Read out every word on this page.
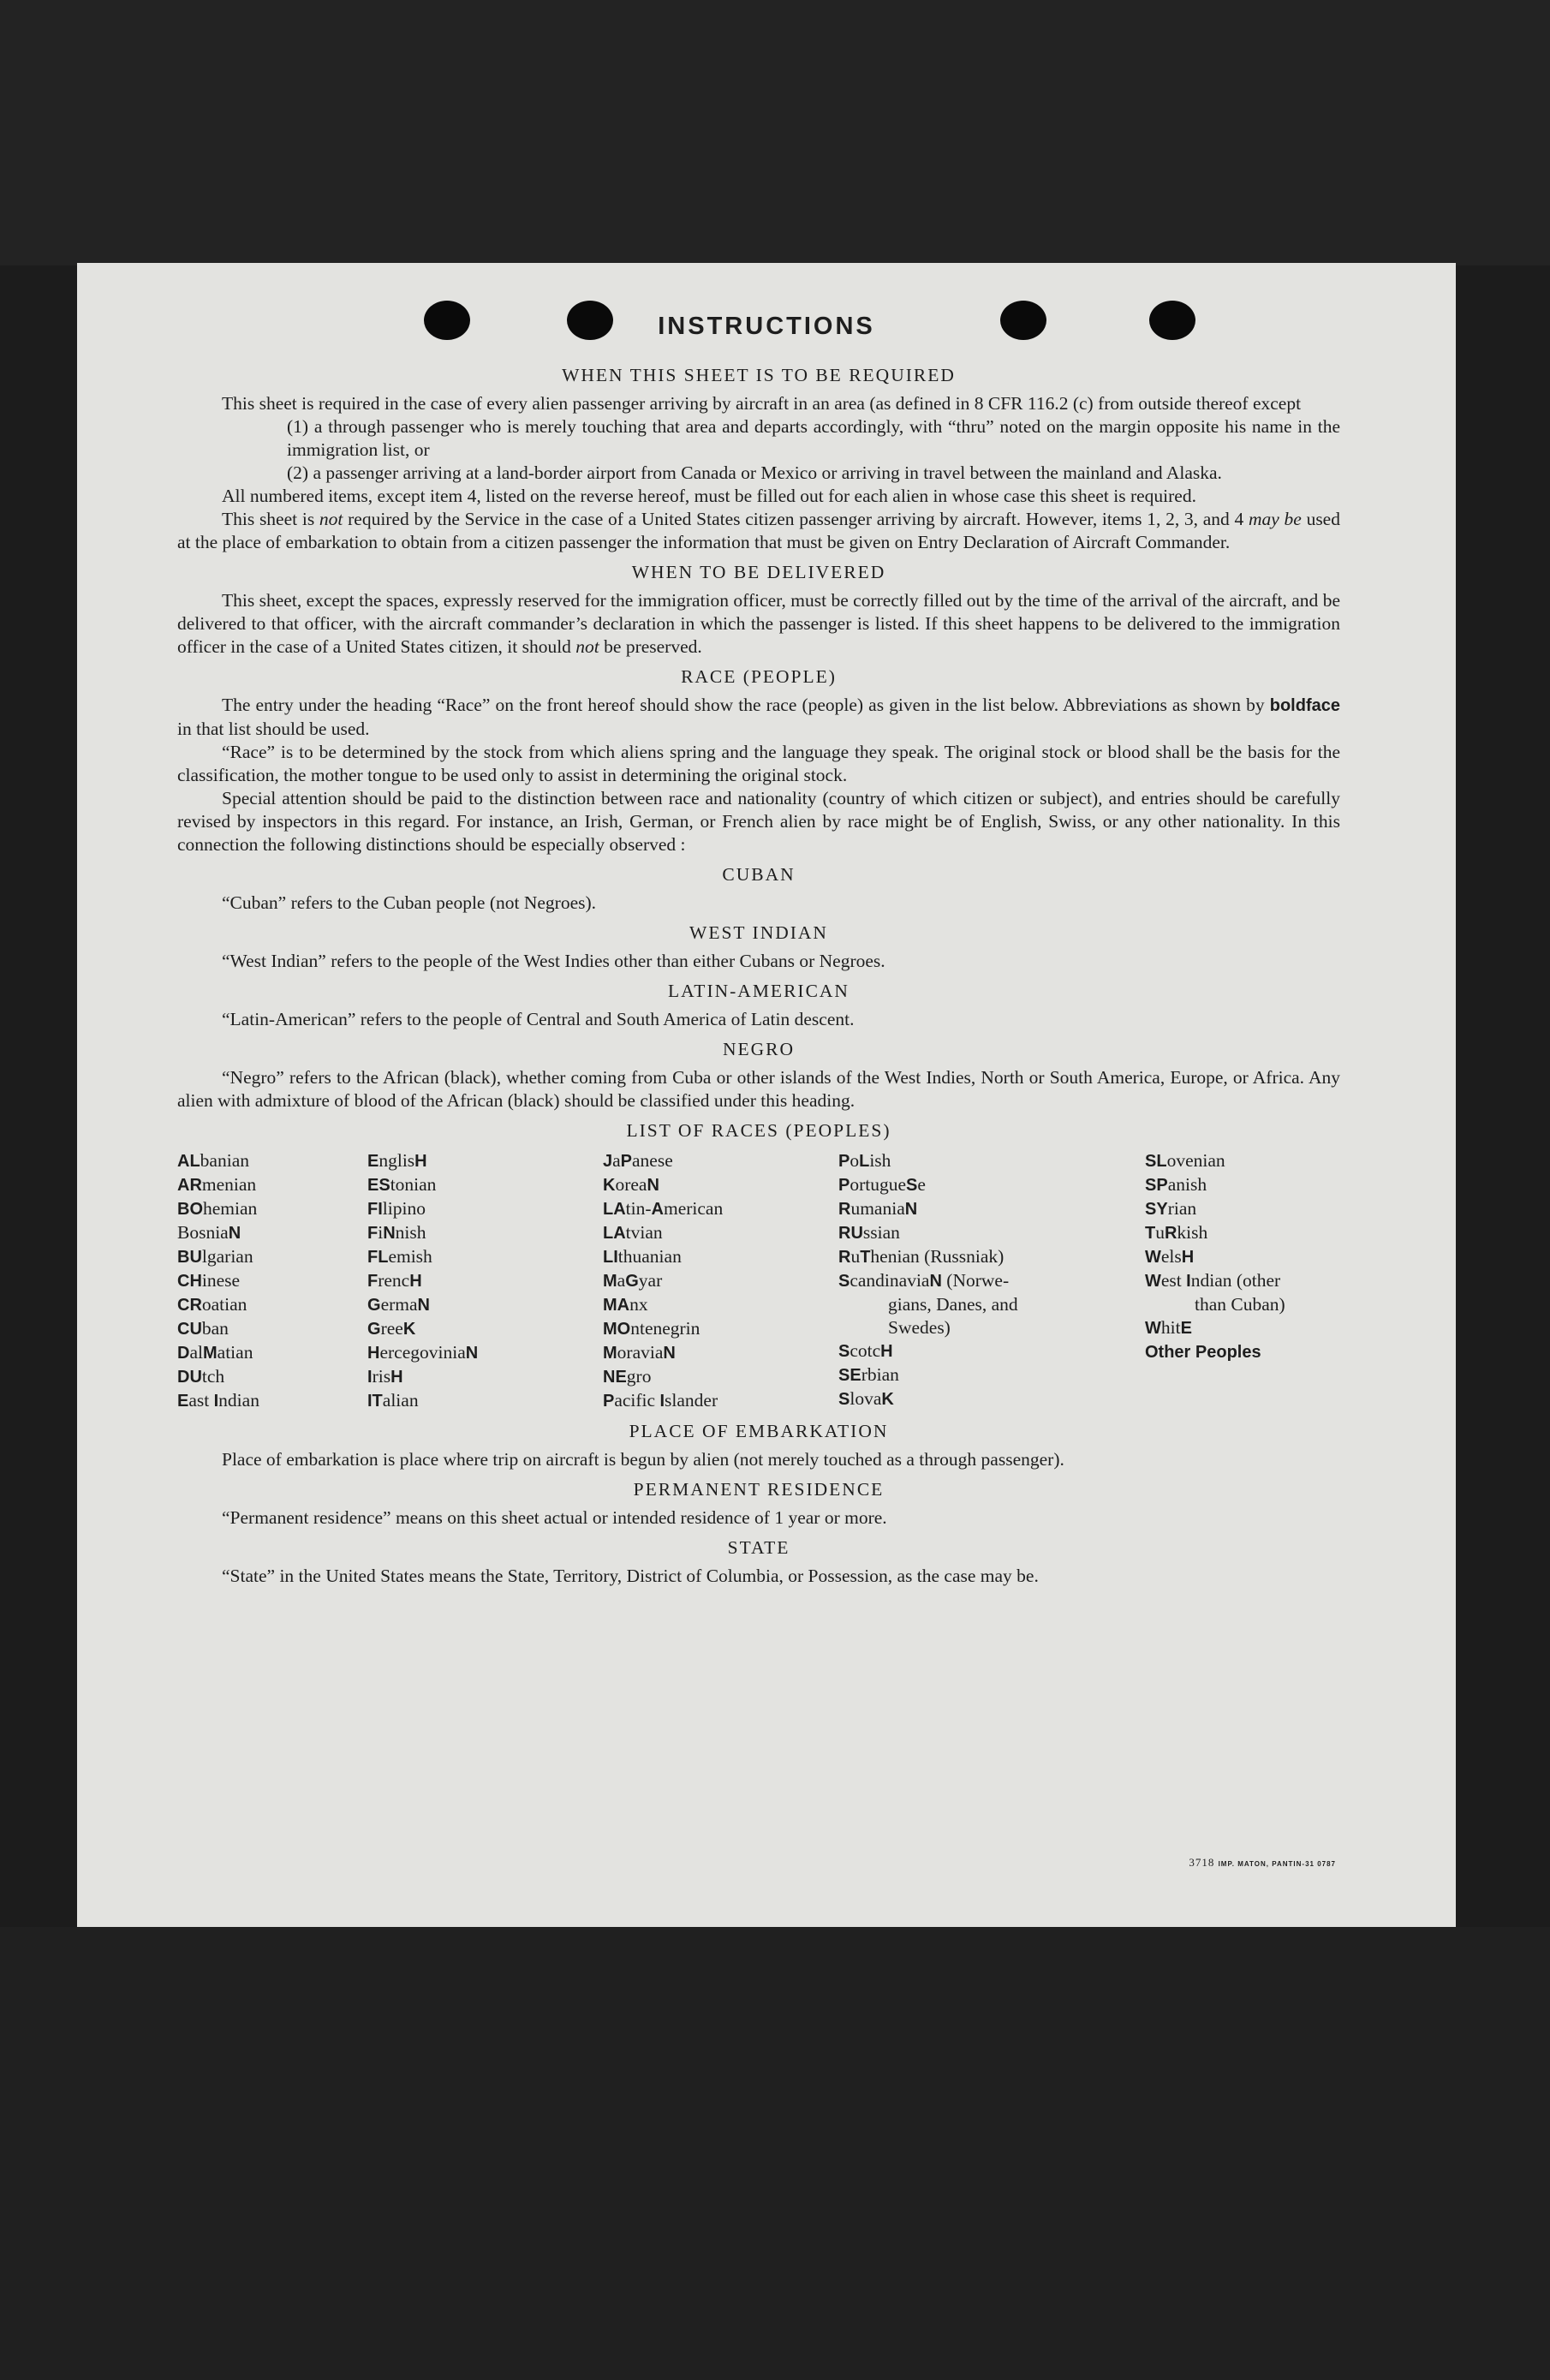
INSTRUCTIONS
WHEN THIS SHEET IS TO BE REQUIRED

This sheet is required in the case of every alien passenger arriving by aircraft in an area (as defined in 8 CFR 116.2 (c) from outside thereof except

(1) a through passenger who is merely touching that area and departs accordingly, with “thru” noted on the margin opposite his name in the immigration list, or

(2) a passenger arriving at a land-border airport from Canada or Mexico or arriving in travel between the mainland and Alaska.

All numbered items, except item 4, listed on the reverse hereof, must be filled out for each alien in whose case this sheet is required.

This sheet is not required by the Service in the case of a United States citizen passenger arriving by aircraft. However, items 1, 2, 3, and 4 may be used at the place of embarkation to obtain from a citizen passenger the information that must be given on Entry Declaration of Aircraft Commander.

WHEN TO BE DELIVERED

This sheet, except the spaces, expressly reserved for the immigration officer, must be correctly filled out by the time of the arrival of the aircraft, and be delivered to that officer, with the aircraft commander’s declaration in which the passenger is listed. If this sheet happens to be delivered to the immigration officer in the case of a United States citizen, it should not be preserved.

RACE (PEOPLE)

The entry under the heading “Race” on the front hereof should show the race (people) as given in the list below. Abbreviations as shown by boldface in that list should be used.

“Race” is to be determined by the stock from which aliens spring and the language they speak. The original stock or blood shall be the basis for the classification, the mother tongue to be used only to assist in determining the original stock.

Special attention should be paid to the distinction between race and nationality (country of which citizen or subject), and entries should be carefully revised by inspectors in this regard. For instance, an Irish, German, or French alien by race might be of English, Swiss, or any other nationality. In this connection the following distinctions should be especially observed :

CUBAN

“Cuban” refers to the Cuban people (not Negroes).

WEST INDIAN

“West Indian” refers to the people of the West Indies other than either Cubans or Negroes.

LATIN-AMERICAN

“Latin-American” refers to the people of Central and South America of Latin descent.

NEGRO

“Negro” refers to the African (black), whether coming from Cuba or other islands of the West Indies, North or South America, Europe, or Africa. Any alien with admixture of blood of the African (black) should be classified under this heading.

LIST OF RACES (PEOPLES)
ALbanian
ARmenian
BOhemian
BosniaN
BUlgarian
CHinese
CRoatian
CUban
DalMatian
DUtch
East Indian
EnglisH
EStonian
FIlipino
FiNnish
FLemish
FrencH
GermaN
GreeK
HercegoviniaN
IrisH
ITalian
JaPanese
KoreaN
LAtin-American
LAtvian
LIthuanian
MaGyar
MAnx
MOntenegrin
MoraviaN
NEgro
Pacific Islander
PoLish
PortugueSe
RumaniaN
RUssian
RuThenian (Russniak)
ScandinaviaN (Norwe-
gians, Danes, and
Swedes)
ScotcH
SErbian
SlovaK
SLovenian
SPanish
SYrian
TuRkish
WelsH
West Indian (other
than Cuban)
WhitE
Other Peoples
PLACE OF EMBARKATION

Place of embarkation is place where trip on aircraft is begun by alien (not merely touched as a through passenger).

PERMANENT RESIDENCE

“Permanent residence” means on this sheet actual or intended residence of 1 year or more.

STATE

“State” in the United States means the State, Territory, District of Columbia, or Possession, as the case may be.

3718 IMP. MATON, PANTIN-31 0787
